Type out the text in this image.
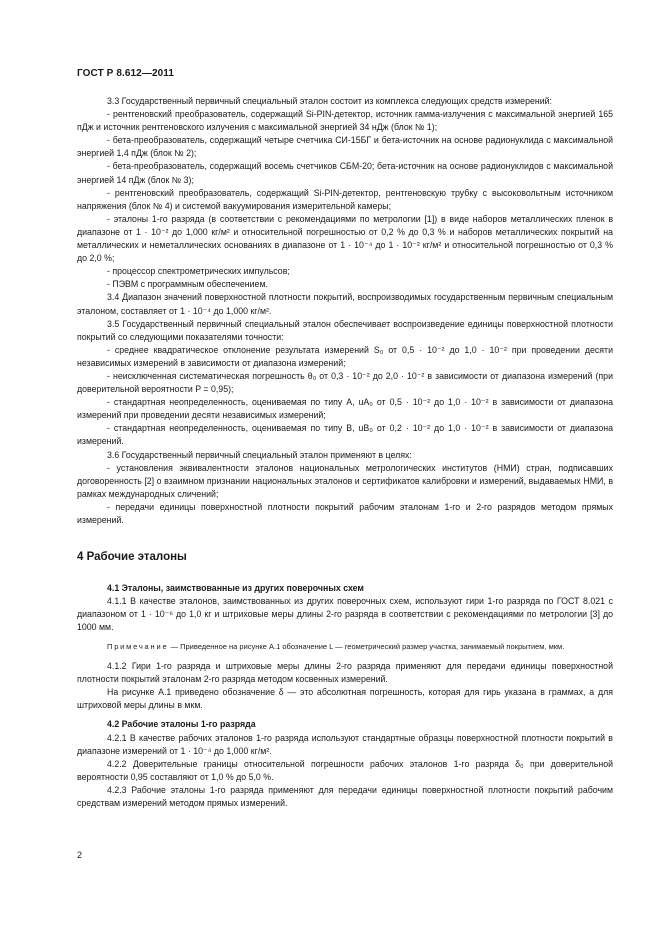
ГОСТ Р 8.612—2011

3.3 Государственный первичный специальный эталон состоит из комплекса следующих средств измерений:

- рентгеновский преобразователь, содержащий Si-PIN-детектор, источник гамма-излучения с максимальной энергией 165 пДж и источник рентгеновского излучения с максимальной энергией 34 нДж (блок № 1);

- бета-преобразователь, содержащий четыре счетчика СИ-15БГ и бета-источник на основе радионуклида с максимальной энергией 1,4 пДж (блок № 2);

- бета-преобразователь, содержащий восемь счетчиков СБМ-20; бета-источник на основе радионуклидов с максимальной энергией 14 пДж (блок № 3);

- рентгеновский преобразователь, содержащий Si-PIN-детектор, рентгеновскую трубку с высоковольтным источником напряжения (блок № 4) и системой вакуумирования измерительной камеры;

- эталоны 1-го разряда (в соответствии с рекомендациями по метрологии [1]) в виде наборов металлических пленок в диапазоне от 1 · 10⁻² до 1,000 кг/м² и относительной погрешностью от 0,2 % до 0,3 % и наборов металлических покрытий на металлических и неметаллических основаниях в диапазоне от 1 · 10⁻⁴ до 1 · 10⁻² кг/м² и относительной погрешностью от 0,3 % до 2,0 %;

- процессор спектрометрических импульсов;

- ПЭВМ с программным обеспечением.

3.4 Диапазон значений поверхностной плотности покрытий, воспроизводимых государственным первичным специальным эталоном, составляет от 1 · 10⁻⁴ до 1,000 кг/м².

3.5 Государственный первичный специальный эталон обеспечивает воспроизведение единицы поверхностной плотности покрытий со следующими показателями точности:

- среднее квадратическое отклонение результата измерений S₀ от 0,5 · 10⁻² до 1,0 · 10⁻² при проведении десяти независимых измерений в зависимости от диапазона измерений;

- неисключенная систематическая погрешность θ₀ от 0,3 · 10⁻² до 2,0 · 10⁻² в зависимости от диапазона измерений (при доверительной вероятности P = 0,95);

- стандартная неопределенность, оцениваемая по типу А, uА₀ от 0,5 · 10⁻² до 1,0 · 10⁻² в зависимости от диапазона измерений при проведении десяти независимых измерений;

- стандартная неопределенность, оцениваемая по типу В, uВ₀ от 0,2 · 10⁻² до 1,0 · 10⁻² в зависимости от диапазона измерений.

3.6 Государственный первичный специальный эталон применяют в целях:

- установления эквивалентности эталонов национальных метрологических институтов (НМИ) стран, подписавших договоренность [2] о взаимном признании национальных эталонов и сертификатов калибровки и измерений, выдаваемых НМИ, в рамках международных сличений;

- передачи единицы поверхностной плотности покрытий рабочим эталонам 1-го и 2-го разрядов методом прямых измерений.

4 Рабочие эталоны

4.1 Эталоны, заимствованные из других поверочных схем

4.1.1 В качестве эталонов, заимствованных из других поверочных схем, используют гири 1-го разряда по ГОСТ 8.021 с диапазоном от 1 · 10⁻⁶ до 1,0 кг и штриховые меры длины 2-го разряда в соответствии с рекомендациями по метрологии [3] до 1000 мм.

Примечание — Приведенное на рисунке А.1 обозначение L — геометрический размер участка, занимаемый покрытием, мкм.

4.1.2 Гири 1-го разряда и штриховые меры длины 2-го разряда применяют для передачи единицы поверхностной плотности покрытий эталонам 2-го разряда методом косвенных измерений.

На рисунке А.1 приведено обозначение δ — это абсолютная погрешность, которая для гирь указана в граммах, а для штриховой меры длины в мкм.

4.2 Рабочие эталоны 1-го разряда

4.2.1 В качестве рабочих эталонов 1-го разряда используют стандартные образцы поверхностной плотности покрытий в диапазоне измерений от 1 · 10⁻⁴ до 1,000 кг/м².

4.2.2 Доверительные границы относительной погрешности рабочих эталонов 1-го разряда δ₀ при доверительной вероятности 0,95 составляют от 1,0 % до 5,0 %.

4.2.3 Рабочие эталоны 1-го разряда применяют для передачи единицы поверхностной плотности покрытий рабочим средствам измерений методом прямых измерений.

2
